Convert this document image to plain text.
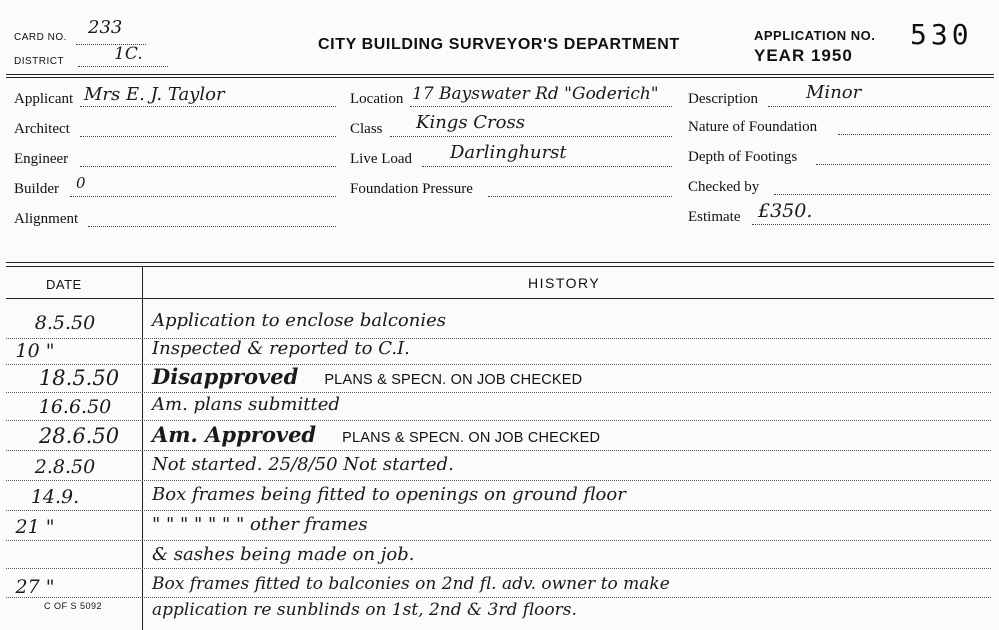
CARD NO. 233
DISTRICT	1C.	CITY BUILDING SURVEYOR'S DEPARTMENT
APPLICATION NO. 530
YEAR 1950
Applicant Mrs E. J. Taylor
Architect
Engineer
Builder 0
Alignment
Location 17 Bayswater Rd "Goderich"
Class Kings Cross
Live Load Darlinghurst
Foundation Pressure
Description	Minor
Nature of Foundation
Depth of Footings
Checked by
Estimate £350.
DATE	HISTORY
8.5.50	Application to enclose balconies
10 "	Inspected & reported to C.I.
18.5.50	Disapproved PLANS & SPECN. ON JOB CHECKED
16.6.50	Am. plans submitted
28.6.50	Am. Approved PLANS & SPECN. ON JOB CHECKED
2.8.50	Not started. 25/8/50 Not started.
14.9.	Box frames being fitted to openings on ground floor
21 "	" " " " " " " other frames
& sashes being made on job.
27 "	Box frames fitted to balconies on 2nd fl. adv. owner to make
application re sunblinds on 1st, 2nd & 3rd floors.
C OF S 5092
